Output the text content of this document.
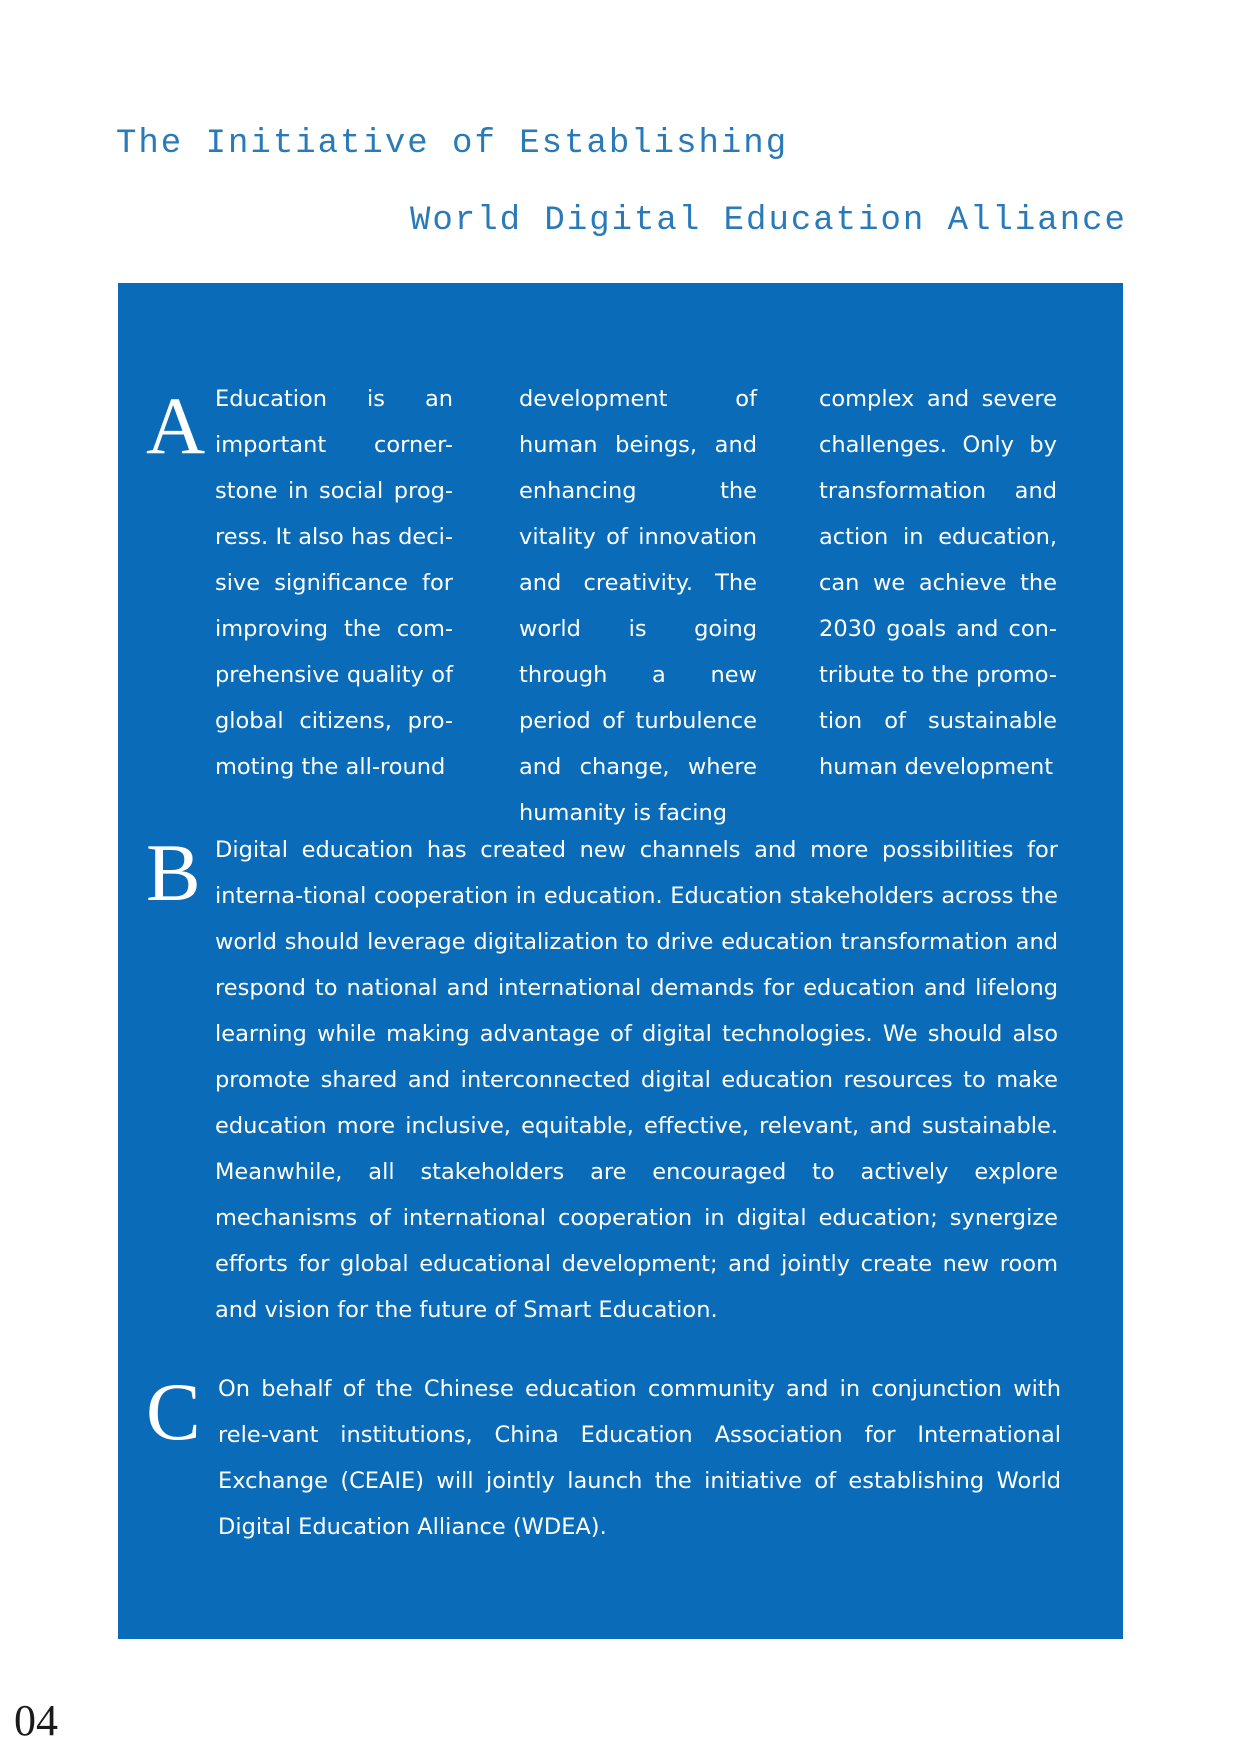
The Initiative of Establishing
World Digital Education Alliance
A Education is an important corner-stone in social prog-ress. It also has deci-sive significance for improving the com-prehensive quality of global citizens, pro-moting the all-round

development of human beings, and enhancing the vitality of innovation and creativity. The world is going through a new period of turbulence and change, where humanity is facing

complex and severe challenges. Only by transformation and action in education, can we achieve the 2030 goals and con-tribute to the promo-tion of sustainable human development

B Digital education has created new channels and more possibilities for interna-tional cooperation in education. Education stakeholders across the world should leverage digitalization to drive education transformation and respond to national and international demands for education and lifelong learning while making advantage of digital technologies. We should also promote shared and interconnected digital education resources to make education more inclusive, equitable, effective, relevant, and sustainable. Meanwhile, all stakeholders are encouraged to actively explore mechanisms of international cooperation in digital education; synergize efforts for global educational development; and jointly create new room and vision for the future of Smart Education.

C On behalf of the Chinese education community and in conjunction with rele-vant institutions, China Education Association for International Exchange (CEAIE) will jointly launch the initiative of establishing World Digital Education Alliance (WDEA).

04
